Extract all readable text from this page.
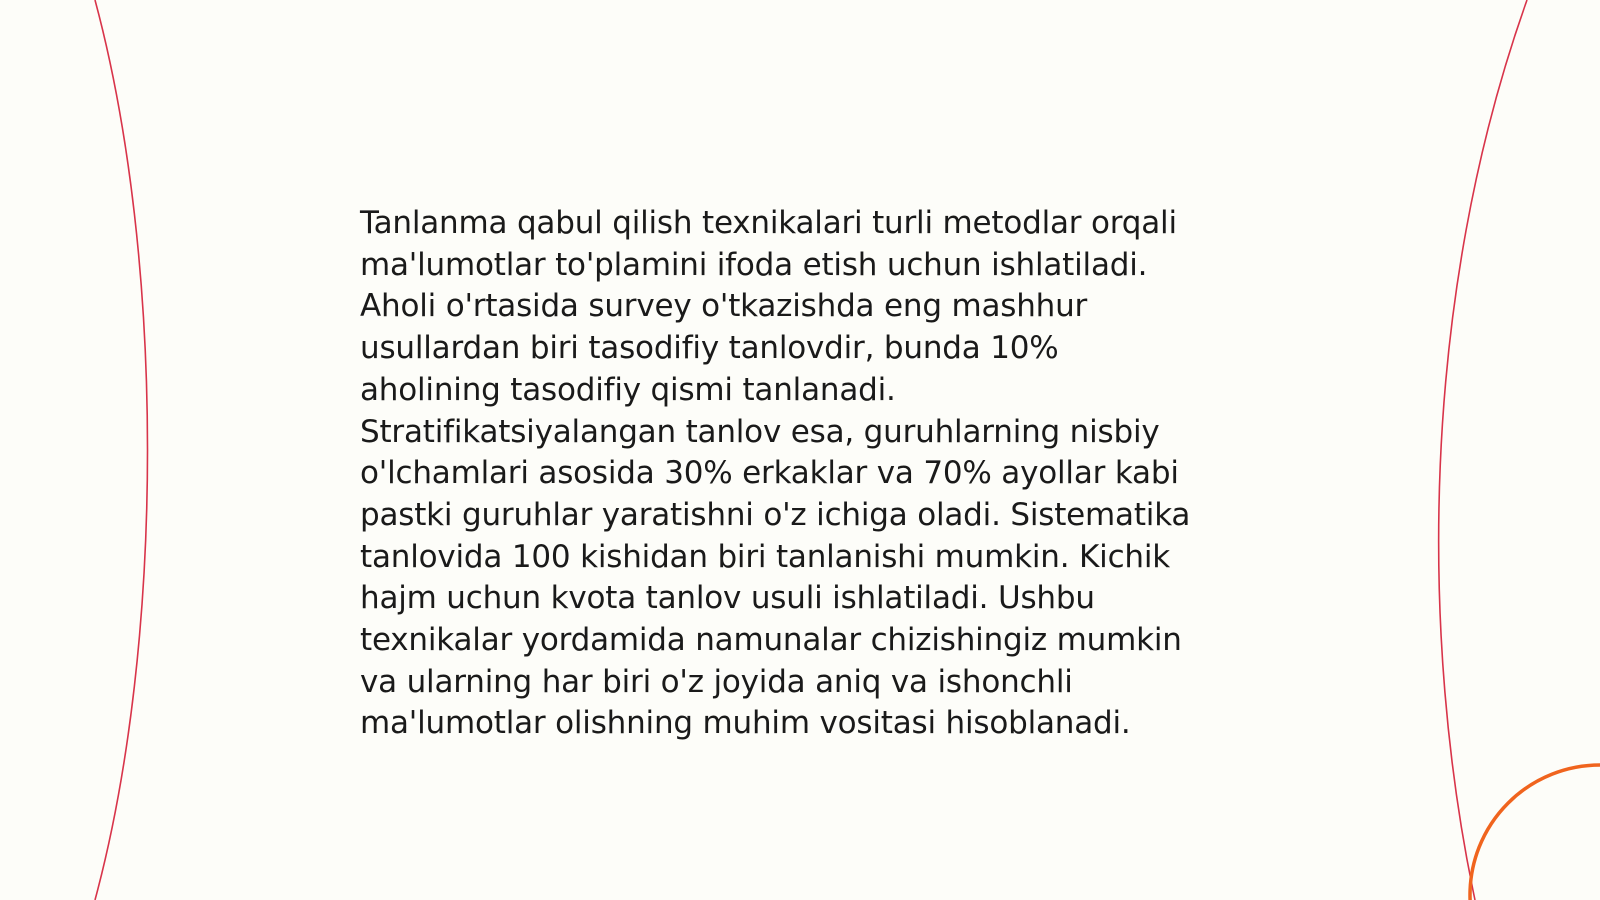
Tanlanma qabul qilish texnikalari turli metodlar orqali
ma'lumotlar to'plamini ifoda etish uchun ishlatiladi.
Aholi o'rtasida survey o'tkazishda eng mashhur
usullardan biri tasodifiy tanlovdir, bunda 10%
aholining tasodifiy qismi tanlanadi.
Stratifikatsiyalangan tanlov esa, guruhlarning nisbiy
o'lchamlari asosida 30% erkaklar va 70% ayollar kabi
pastki guruhlar yaratishni o'z ichiga oladi. Sistematika
tanlovida 100 kishidan biri tanlanishi mumkin. Kichik
hajm uchun kvota tanlov usuli ishlatiladi. Ushbu
texnikalar yordamida namunalar chizishingiz mumkin
va ularning har biri o'z joyida aniq va ishonchli
ma'lumotlar olishning muhim vositasi hisoblanadi.
